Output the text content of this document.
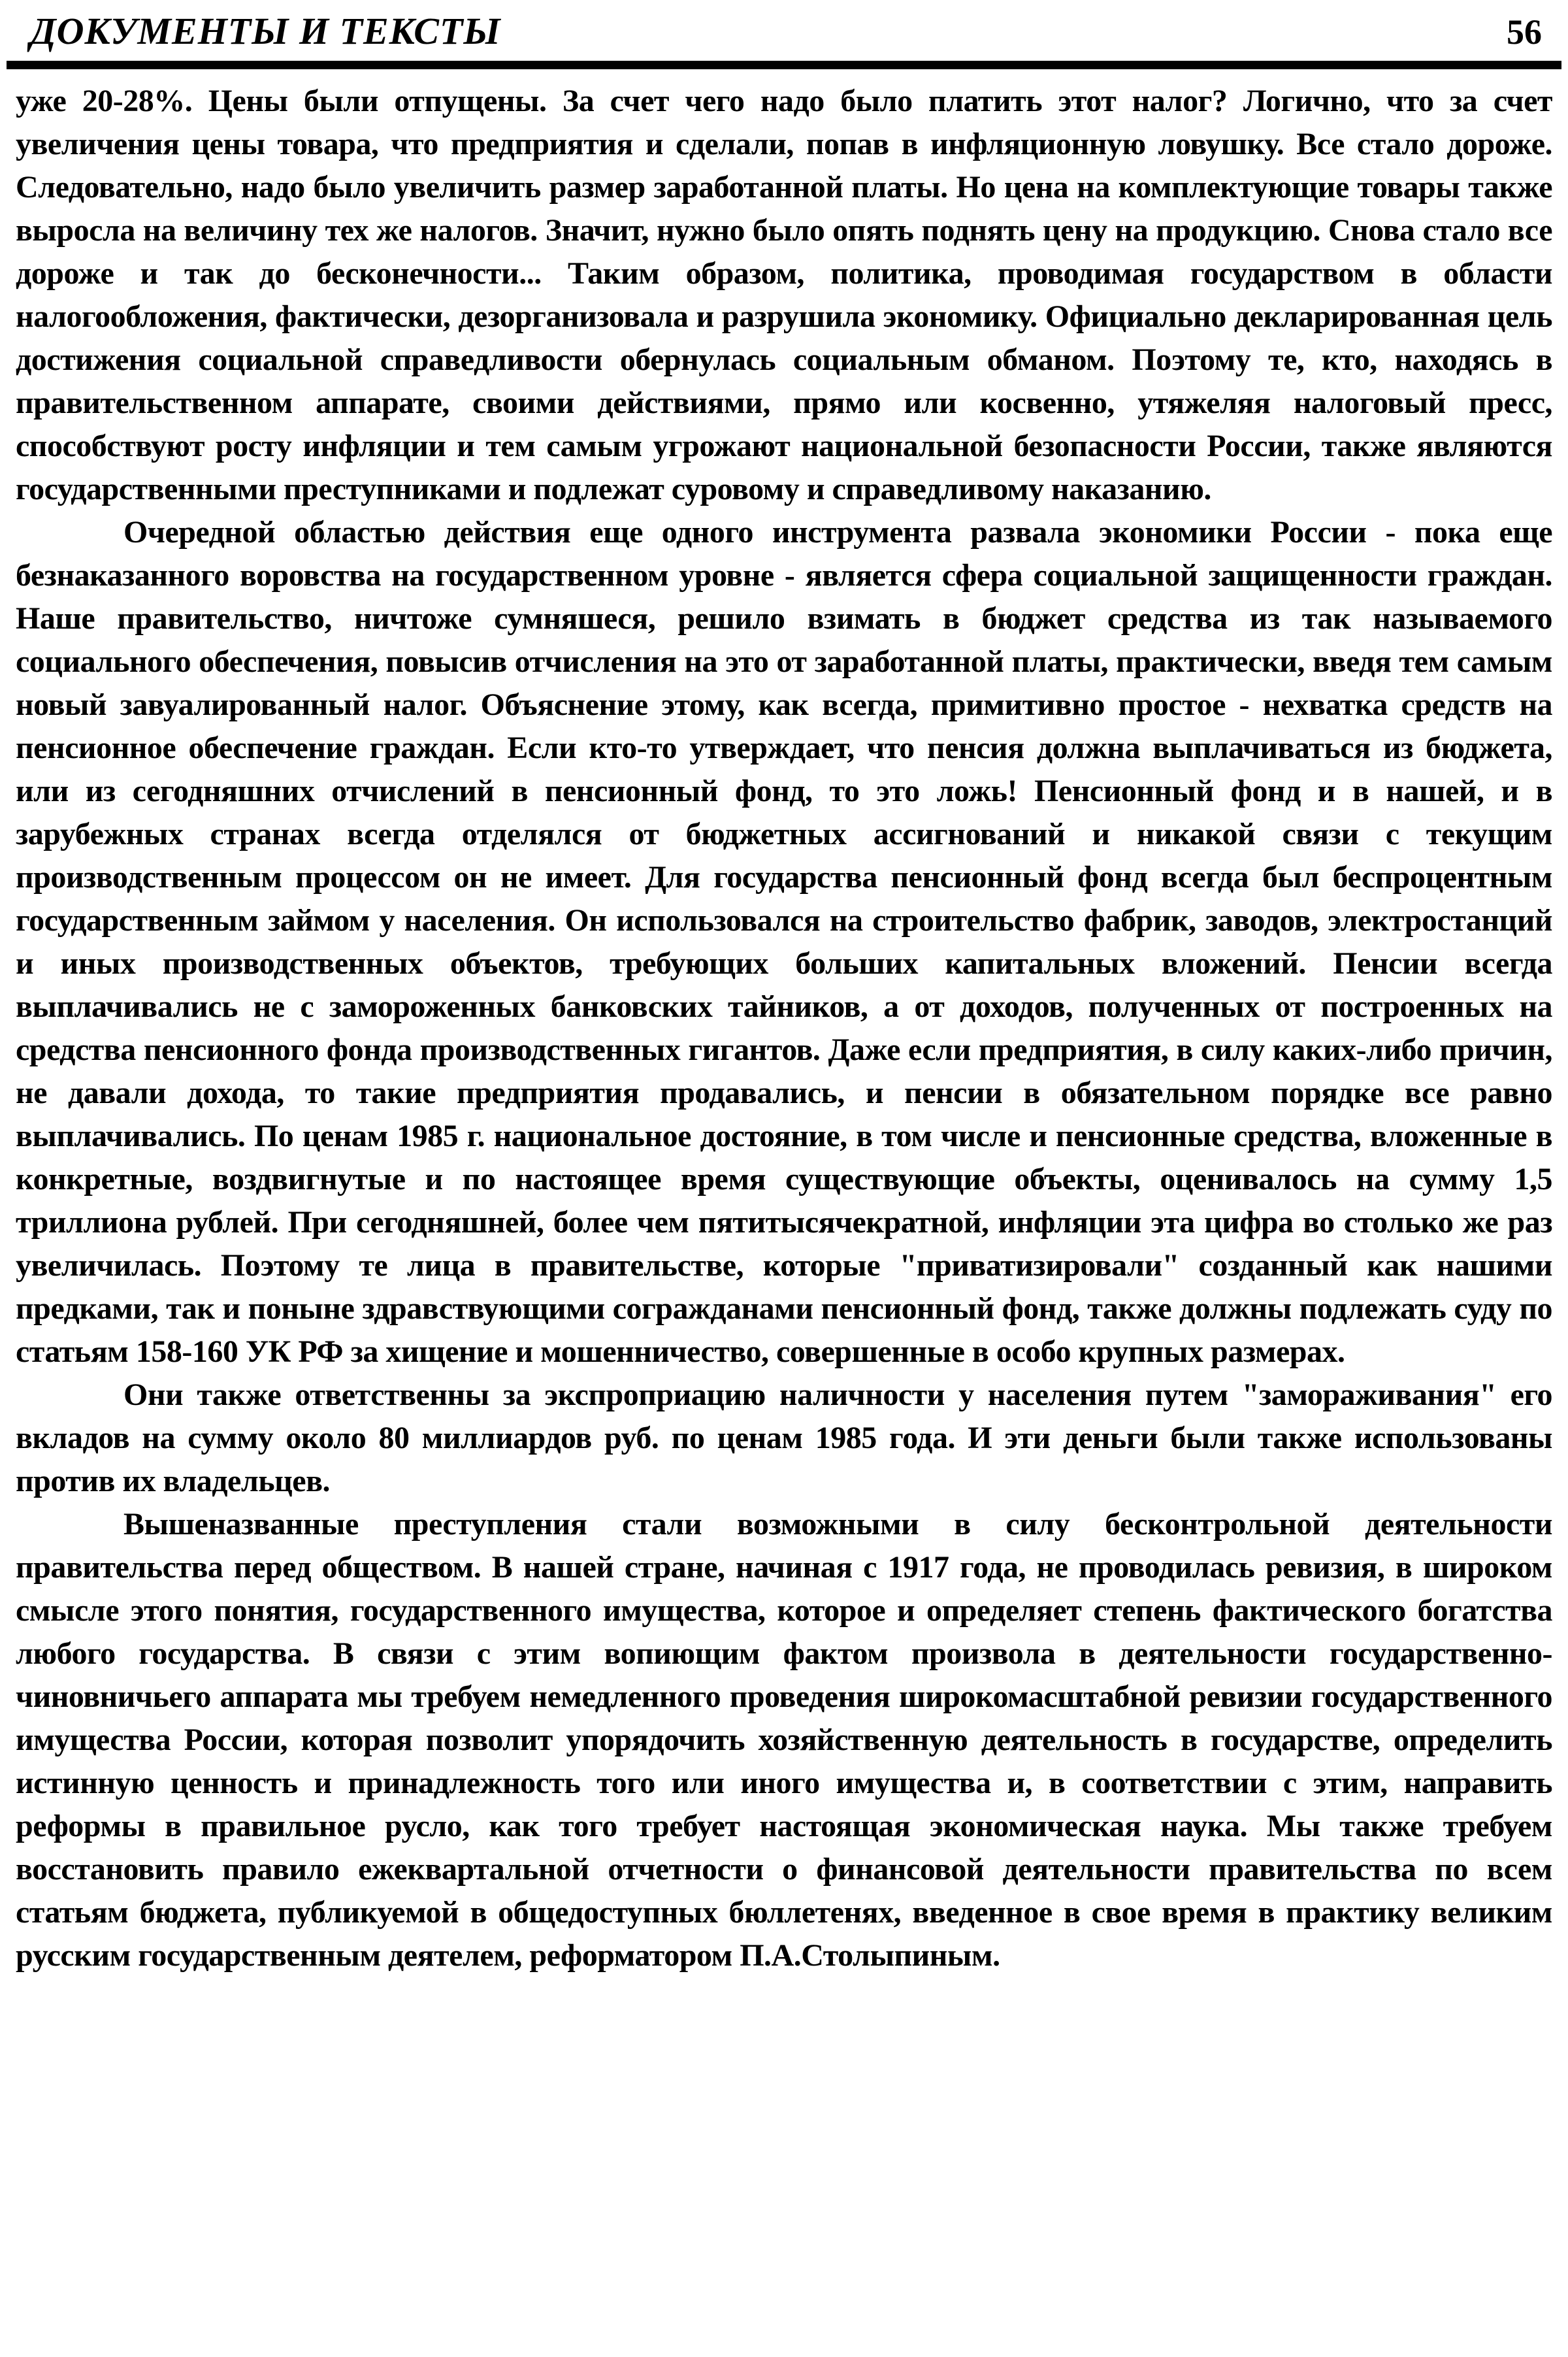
ДОКУМЕНТЫ И ТЕКСТЫ	56

уже 20-28%. Цены были отпущены. За счет чего надо было платить этот налог? Логично, что за счет увеличения цены товара, что предприятия и сделали, попав в инфляционную ловушку. Все стало дороже. Следовательно, надо было увеличить размер заработанной платы. Но цена на комплектующие товары также выросла на величину тех же налогов. Значит, нужно было опять поднять цену на продукцию. Снова стало все дороже и так до бесконечности... Таким образом, политика, проводимая государством в области налогообложения, фактически, дезорганизовала и разрушила экономику. Официально декларированная цель достижения социальной справедливости обернулась социальным обманом. Поэтому те, кто, находясь в правительственном аппарате, своими действиями, прямо или косвенно, утяжеляя налоговый пресс, способствуют росту инфляции и тем самым угрожают национальной безопасности России, также являются государственными преступниками и подлежат суровому и справедливому наказанию.

Очередной областью действия еще одного инструмента развала экономики России - пока еще безнаказанного воровства на государственном уровне - является сфера социальной защищенности граждан. Наше правительство, ничтоже сумняшеся, решило взимать в бюджет средства из так называемого социального обеспечения, повысив отчисления на это от заработанной платы, практически, введя тем самым новый завуалированный налог. Объяснение этому, как всегда, примитивно простое - нехватка средств на пенсионное обеспечение граждан. Если кто-то утверждает, что пенсия должна выплачиваться из бюджета, или из сегодняшних отчислений в пенсионный фонд, то это ложь! Пенсионный фонд и в нашей, и в зарубежных странах всегда отделялся от бюджетных ассигнований и никакой связи с текущим производственным процессом он не имеет. Для государства пенсионный фонд всегда был беспроцентным государственным займом у населения. Он использовался на строительство фабрик, заводов, электростанций и иных производственных объектов, требующих больших капитальных вложений. Пенсии всегда выплачивались не с замороженных банковских тайников, а от доходов, полученных от построенных на средства пенсионного фонда производственных гигантов. Даже если предприятия, в силу каких-либо причин, не давали дохода, то такие предприятия продавались, и пенсии в обязательном порядке все равно выплачивались. По ценам 1985 г. национальное достояние, в том числе и пенсионные средства, вложенные в конкретные, воздвигнутые и по настоящее время существующие объекты, оценивалось на сумму 1,5 триллиона рублей. При сегодняшней, более чем пятитысячекратной, инфляции эта цифра во столько же раз увеличилась. Поэтому те лица в правительстве, которые "приватизировали" созданный как нашими предками, так и поныне здравствующими согражданами пенсионный фонд, также должны подлежать суду по статьям 158-160 УК РФ за хищение и мошенничество, совершенные в особо крупных размерах.

Они также ответственны за экспроприацию наличности у населения путем "замораживания" его вкладов на сумму около 80 миллиардов руб. по ценам 1985 года. И эти деньги были также использованы против их владельцев.

Вышеназванные преступления стали возможными в силу бесконтрольной деятельности правительства перед обществом. В нашей стране, начиная с 1917 года, не проводилась ревизия, в широком смысле этого понятия, государственного имущества, которое и определяет степень фактического богатства любого государства. В связи с этим вопиющим фактом произвола в деятельности государственно-чиновничьего аппарата мы требуем немедленного проведения широкомасштабной ревизии государственного имущества России, которая позволит упорядочить хозяйственную деятельность в государстве, определить истинную ценность и принадлежность того или иного имущества и, в соответствии с этим, направить реформы в правильное русло, как того требует настоящая экономическая наука. Мы также требуем восстановить правило ежеквартальной отчетности о финансовой деятельности правительства по всем статьям бюджета, публикуемой в общедоступных бюллетенях, введенное в свое время в практику великим русским государственным деятелем, реформатором П.А.Столыпиным.
